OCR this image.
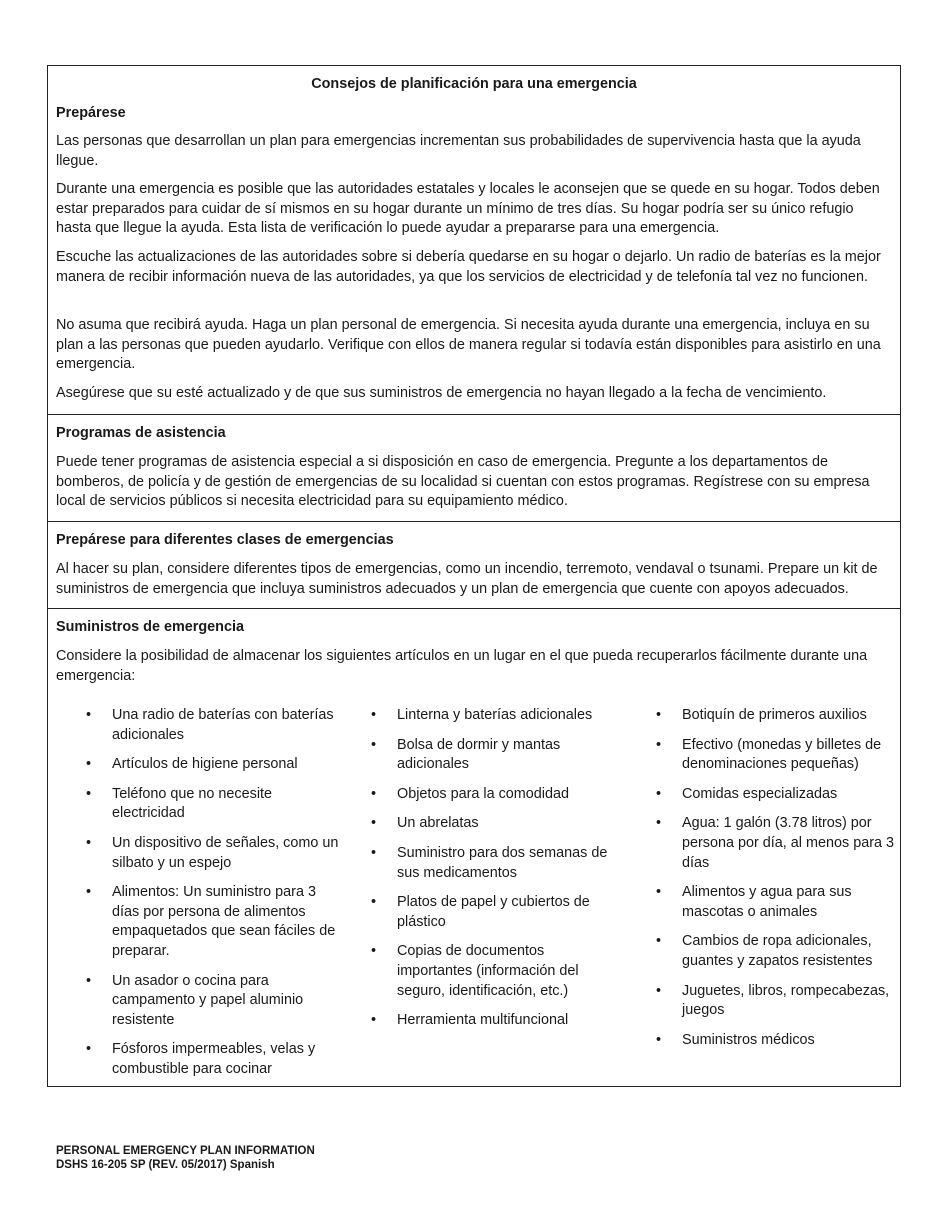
Consejos de planificación para una emergencia

Prepárese

Las personas que desarrollan un plan para emergencias incrementan sus probabilidades de supervivencia hasta que la ayuda llegue.

Durante una emergencia es posible que las autoridades estatales y locales le aconsejen que se quede en su hogar. Todos deben estar preparados para cuidar de sí mismos en su hogar durante un mínimo de tres días. Su hogar podría ser su único refugio hasta que llegue la ayuda. Esta lista de verificación lo puede ayudar a prepararse para una emergencia.

Escuche las actualizaciones de las autoridades sobre si debería quedarse en su hogar o dejarlo. Un radio de baterías es la mejor manera de recibir información nueva de las autoridades, ya que los servicios de electricidad y de telefonía tal vez no funcionen.

No asuma que recibirá ayuda. Haga un plan personal de emergencia. Si necesita ayuda durante una emergencia, incluya en su plan a las personas que pueden ayudarlo. Verifique con ellos de manera regular si todavía están disponibles para asistirlo en una emergencia.

Asegúrese que su esté actualizado y de que sus suministros de emergencia no hayan llegado a la fecha de vencimiento.

Programas de asistencia

Puede tener programas de asistencia especial a si disposición en caso de emergencia. Pregunte a los departamentos de bomberos, de policía y de gestión de emergencias de su localidad si cuentan con estos programas. Regístrese con su empresa local de servicios públicos si necesita electricidad para su equipamiento médico.

Prepárese para diferentes clases de emergencias

Al hacer su plan, considere diferentes tipos de emergencias, como un incendio, terremoto, vendaval o tsunami. Prepare un kit de suministros de emergencia que incluya suministros adecuados y un plan de emergencia que cuente con apoyos adecuados.

Suministros de emergencia

Considere la posibilidad de almacenar los siguientes artículos en un lugar en el que pueda recuperarlos fácilmente durante una emergencia:

• Una radio de baterías con baterías adicionales
• Artículos de higiene personal
• Teléfono que no necesite electricidad
• Un dispositivo de señales, como un silbato y un espejo
• Alimentos: Un suministro para 3 días por persona de alimentos empaquetados que sean fáciles de preparar.
• Un asador o cocina para campamento y papel aluminio resistente
• Fósforos impermeables, velas y combustible para cocinar
• Linterna y baterías adicionales
• Bolsa de dormir y mantas adicionales
• Objetos para la comodidad
• Un abrelatas
• Suministro para dos semanas de sus medicamentos
• Platos de papel y cubiertos de plástico
• Copias de documentos importantes (información del seguro, identificación, etc.)
• Herramienta multifuncional
• Botiquín de primeros auxilios
• Efectivo (monedas y billetes de denominaciones pequeñas)
• Comidas especializadas
• Agua: 1 galón (3.78 litros) por persona por día, al menos para 3 días
• Alimentos y agua para sus mascotas o animales
• Cambios de ropa adicionales, guantes y zapatos resistentes
• Juguetes, libros, rompecabezas, juegos
• Suministros médicos
PERSONAL EMERGENCY PLAN INFORMATION
DSHS 16-205 SP (REV. 05/2017) Spanish
